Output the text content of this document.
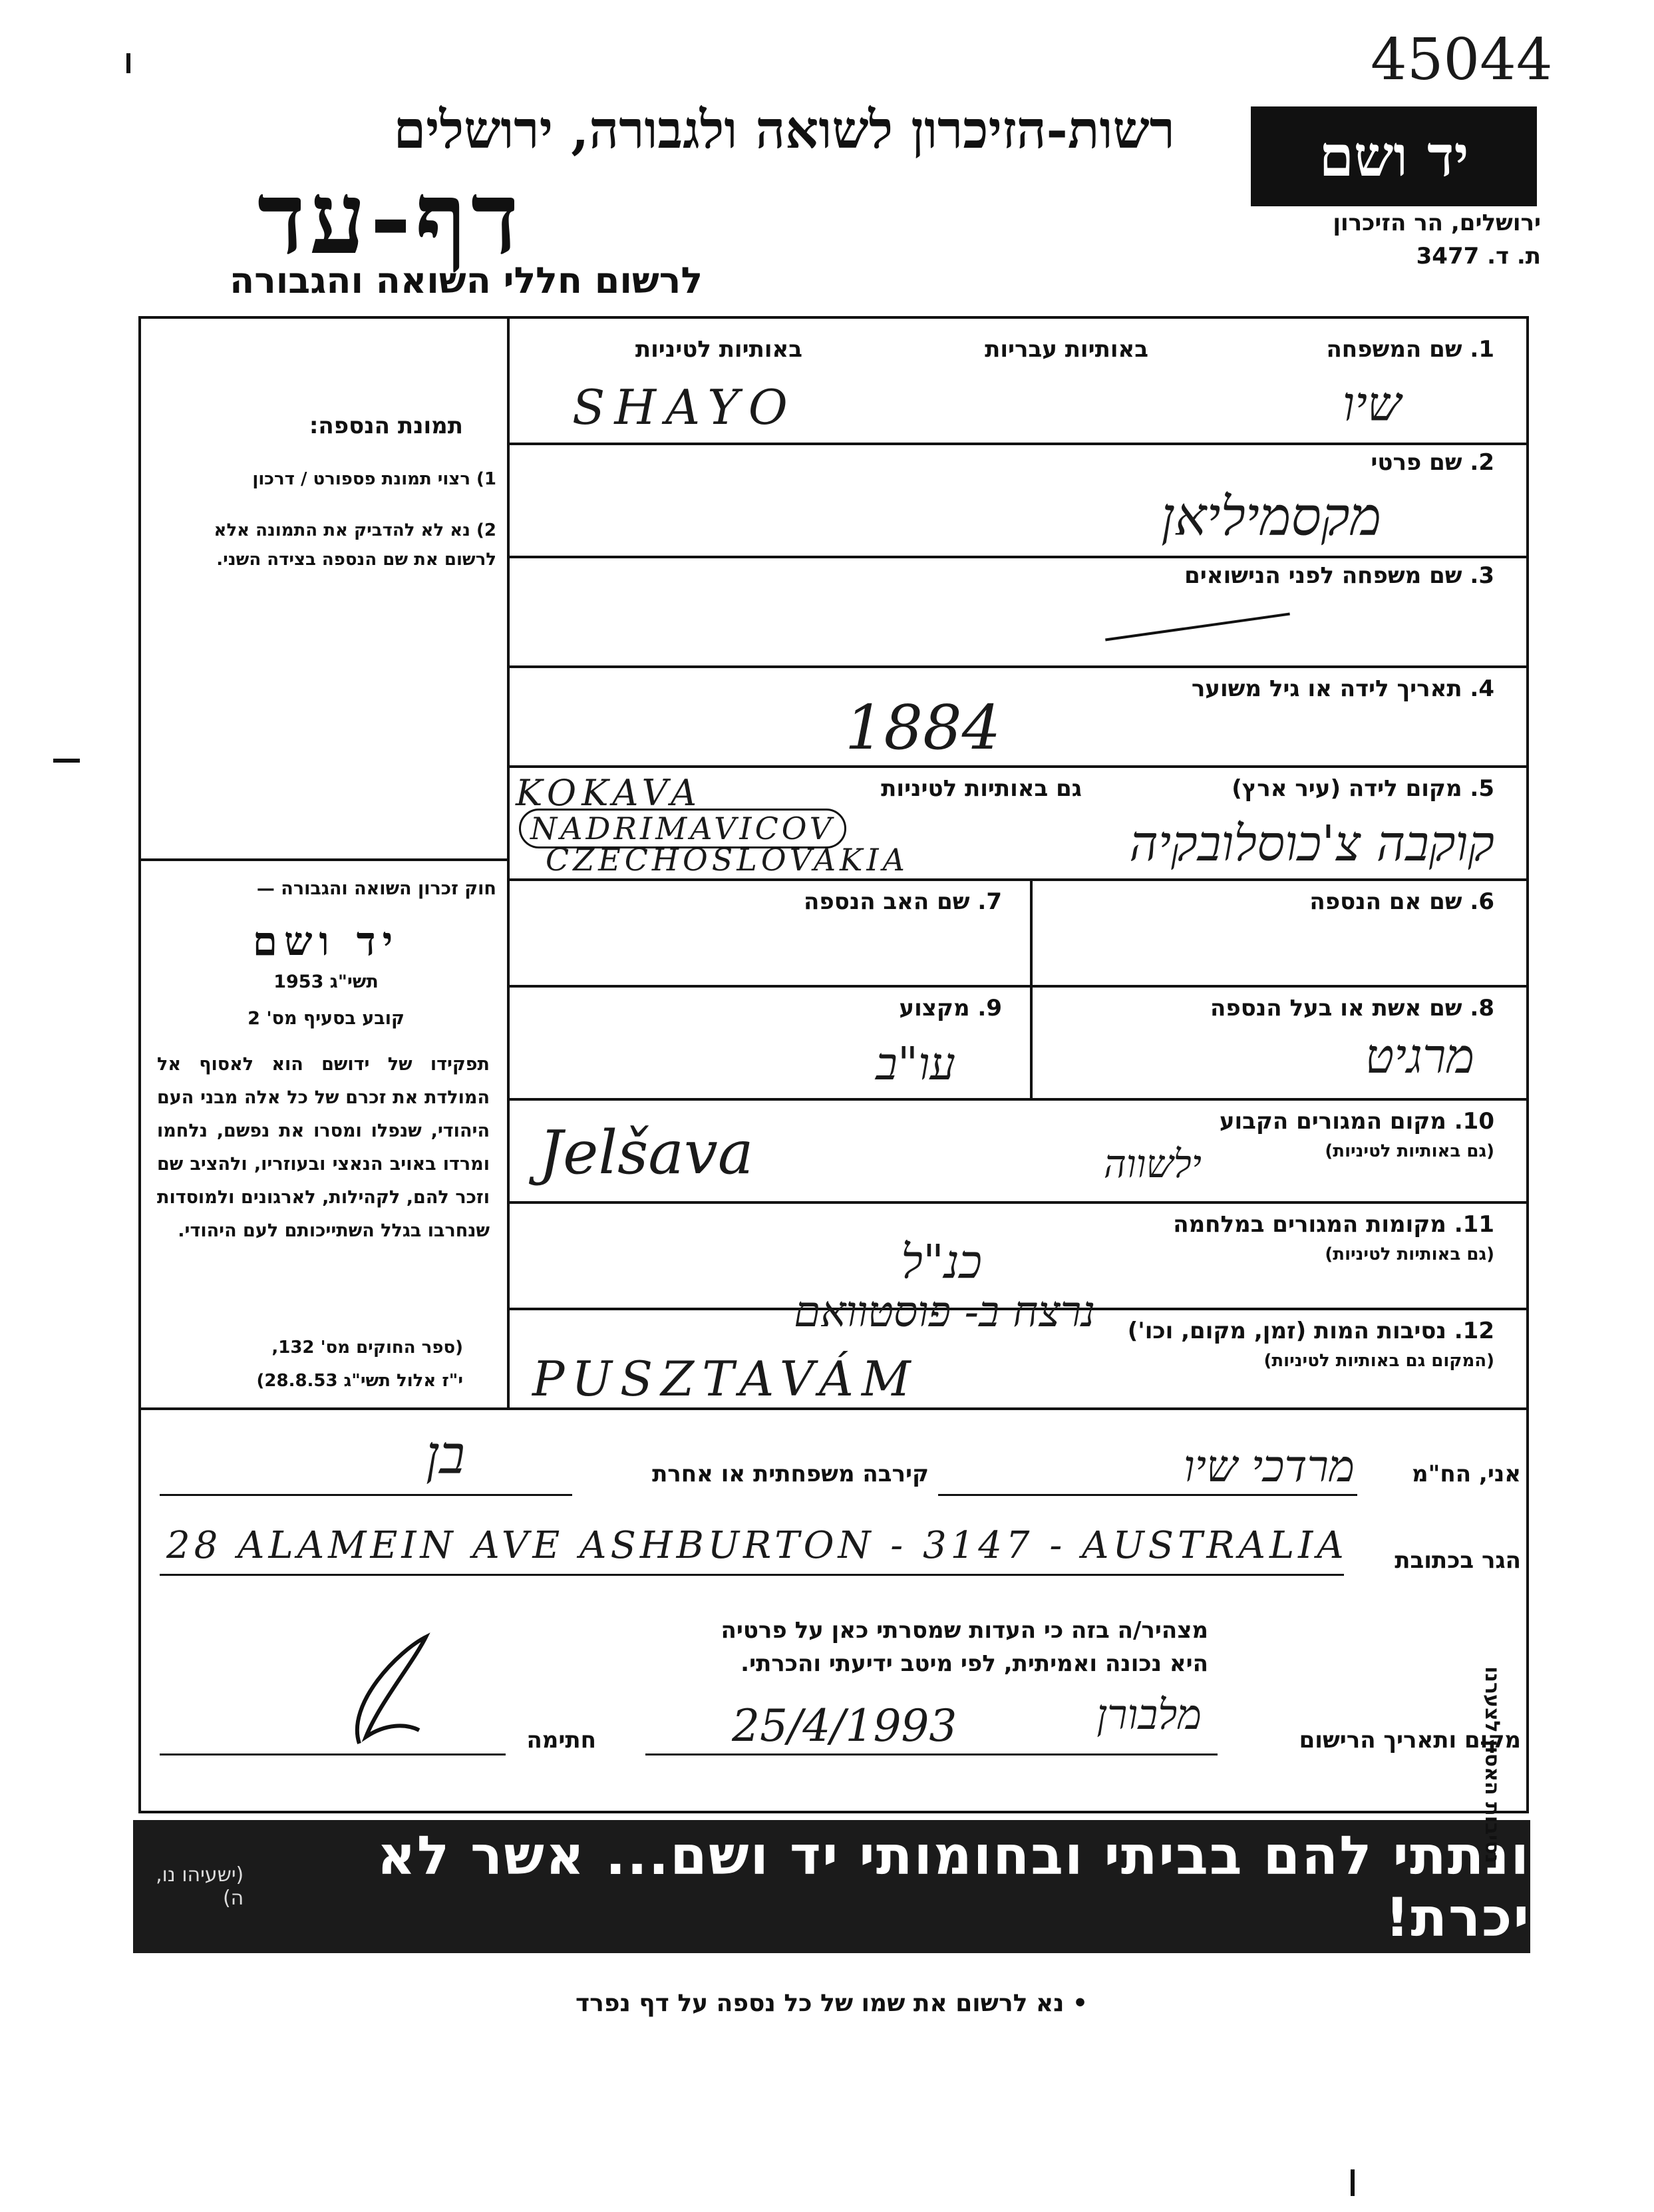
45044
רשות-הזיכרון לשואה ולגבורה, ירושלים
דף-עד
לרשום חללי השואה והגבורה
יד ושם
ירושלים, הר הזיכרון
ת. ד. 3477
תמונת הנספה:
1) רצוי תמונת פספורט / דרכון
2) נא לא להדביק את התמונה אלא לרשום את שם הנספה בצידה השני.
חוק זכרון השואה והגבורה —
יד ושם
תשי"ג 1953
קובע בסעיף מס' 2
תפקידו של ידושם הוא לאסוף אל המולדת את זכרם של כל אלה מבני העם היהודי, שנפלו ומסרו את נפשם, נלחמו ומרדו באויב הנאצי ובעוזריו, ולהציב שם וזכר להם, לקהילות, לארגונים ולמוסדות שנחרבו בגלל השתייכותם לעם היהודי.
(ספר החוקים מס' 132,
י"ז אלול תשי"ג 28.8.53)
1. שם המשפחה
באותיות עבריות
באותיות לטיניות
SHAYO	שיו
2. שם פרטי
מקסמיליאן
3. שם משפחה לפני הנישואים
4. תאריך לידה או גיל משוער
1884
5. מקום לידה (עיר ארץ)
גם באותיות לטיניות
KOKAVA
NADRIMAVICOV
CZECHOSLOVAKIA	קוקבה צ'כוסלובקיה
6. שם אם הנספה
7. שם האב הנספה
8. שם אשת או בעל הנספה
מרגיט
9. מקצוע
עו"ב
10. מקום המגורים הקבוע
(גם באותיות לטיניות)
Jelšava	ילשווה
11. מקומות המגורים במלחמה
(גם באותיות לטיניות)
כנ"ל
12. נסיבות המות (זמן, מקום, וכו')
(המקום גם באותיות לטיניות)
נרצח ב- פוסטוואם
PUSZTAVÁM
אני, הח"מ
מרדכי שיו
קירבה משפחתית או אחרת
בן
הגר בכתובת
28 ALAMEIN AVE ASHBURTON - 3147 - AUSTRALIA
מצהיר/ה בזה כי העדות שמסרתי כאן על פרטיה
היא נכונה ואמיתית, לפי מיטב ידיעתי והכרתי.
מקום ותאריך הרישום
25/4/1993	מלבורן
חתימה
ונתתי להם בביתי ובחומותי יד ושם... אשר לא יכרת!
(ישעיהו נו, ה)
• נא לרשום את שמו של כל נספה על דף נפרד
נסיבות האסון לצערנו
